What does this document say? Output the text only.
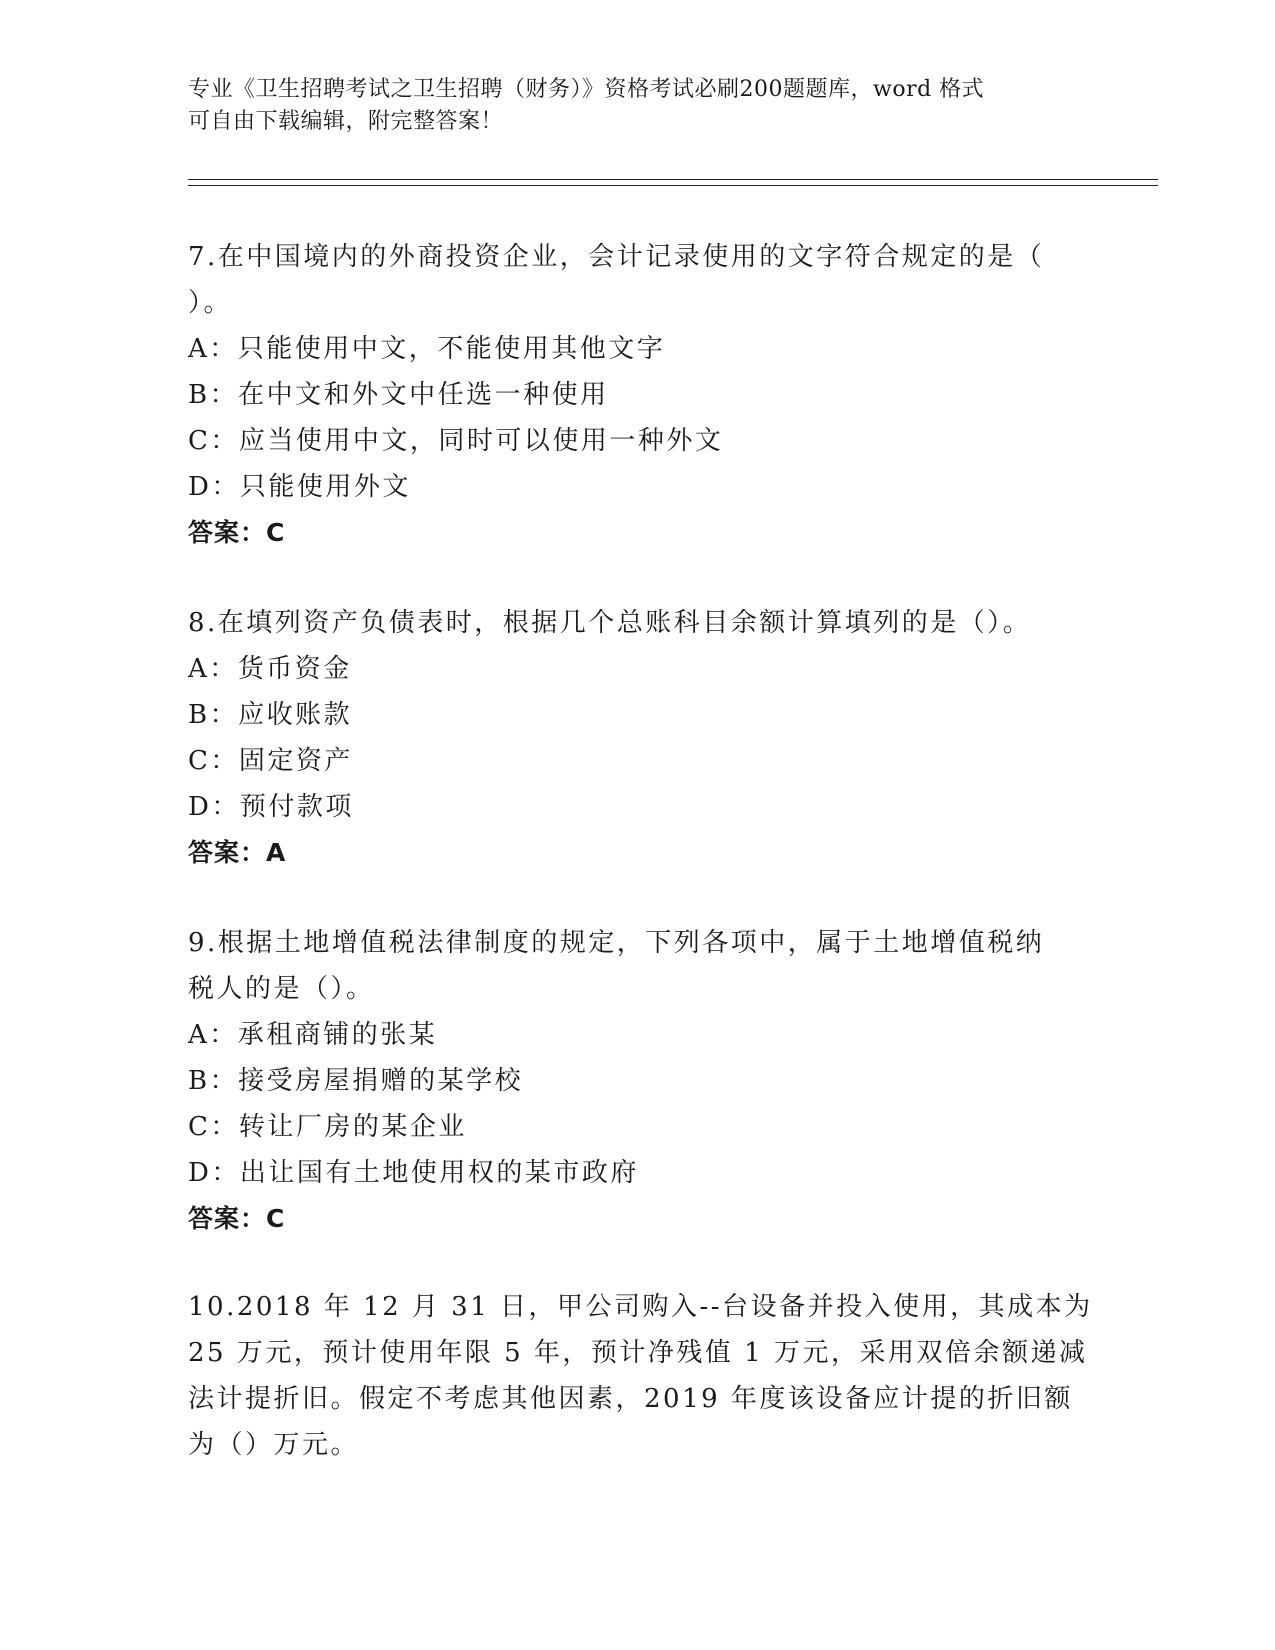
专业《卫生招聘考试之卫生招聘（财务）》资格考试必刷200题题库，word 格式
可自由下载编辑，附完整答案！
7.在中国境内的外商投资企业，会计记录使用的文字符合规定的是（
）。
A：只能使用中文，不能使用其他文字
B：在中文和外文中任选一种使用
C：应当使用中文，同时可以使用一种外文
D：只能使用外文
答案：C
8.在填列资产负债表时，根据几个总账科目余额计算填列的是（）。
A：货币资金
B：应收账款
C：固定资产
D：预付款项
答案：A
9.根据土地增值税法律制度的规定，下列各项中，属于土地增值税纳
税人的是（）。
A：承租商铺的张某
B：接受房屋捐赠的某学校
C：转让厂房的某企业
D：出让国有土地使用权的某市政府
答案：C
10.2018 年 12 月 31 日，甲公司购入--台设备并投入使用，其成本为
25 万元，预计使用年限 5 年，预计净残值 1 万元，采用双倍余额递减
法计提折旧。假定不考虑其他因素，2019 年度该设备应计提的折旧额
为（）万元。
